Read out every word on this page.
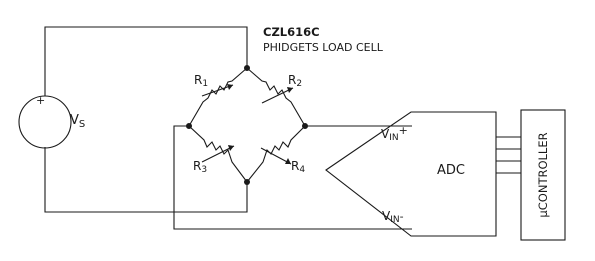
CZL616C
PHIDGETS LOAD CELL
+
$V_S$
R1	R2
R3	R4	ADC
VIN+
VIN-	μCONTROLLER
